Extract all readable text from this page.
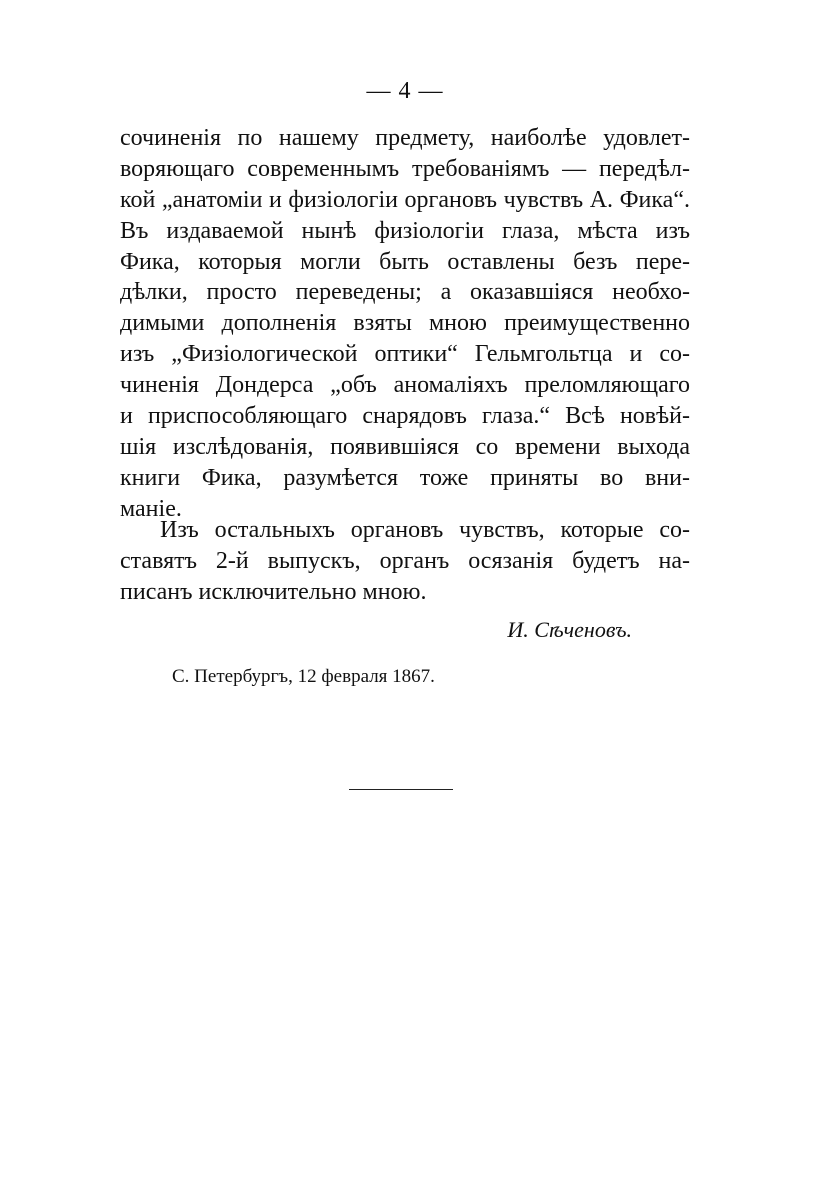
— 4 —
сочиненія по нашему предмету, наиболѣе удовлет-
воряющаго современнымъ требованіямъ — передѣл-
кой „анатоміи и физіологіи органовъ чувствъ А. Фика“.
Въ издаваемой нынѣ физіологіи глаза, мѣста изъ
Фика, которыя могли быть оставлены безъ пере-
дѣлки, просто переведены; а оказавшіяся необхо-
димыми дополненія взяты мною преимущественно
изъ „Физіологической оптики“ Гельмгольтца и со-
чиненія Дондерса „объ аномаліяхъ преломляющаго
и приспособляющаго снарядовъ глаза.“ Всѣ новѣй-
шія изслѣдованія, появившіяся со времени выхода
книги Фика, разумѣется тоже приняты во вни-
маніе.
Изъ остальныхъ органовъ чувствъ, которые со-
ставятъ 2-й выпускъ, органъ осязанія будетъ на-
писанъ исключительно мною.
И. Сѣченовъ.
С. Петербургъ, 12 февраля 1867.
